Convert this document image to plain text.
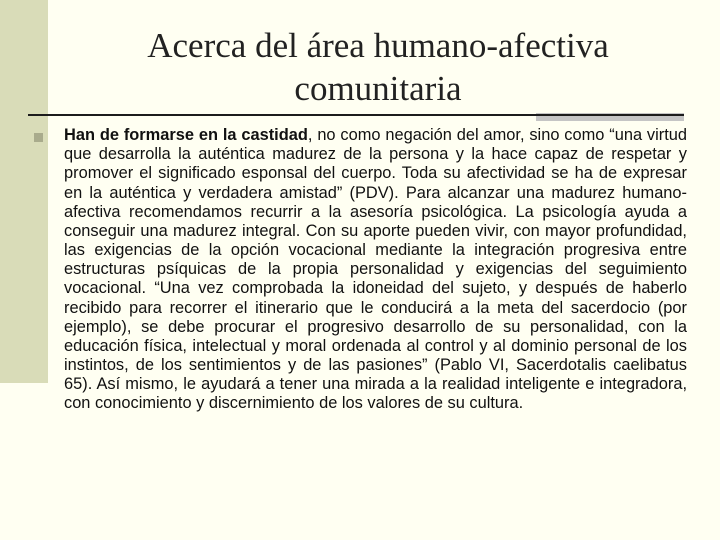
Acerca del área humano-afectiva
comunitaria

Han de formarse en la castidad, no como negación del amor, sino como “una virtud que desarrolla la auténtica madurez de la persona y la hace capaz de respetar y promover el significado esponsal del cuerpo. Toda su afectividad se ha de expresar en la auténtica y verdadera amistad” (PDV). Para alcanzar una madurez humano-afectiva recomendamos recurrir a la asesoría psicológica. La psicología ayuda a conseguir una madurez integral. Con su aporte pueden vivir, con mayor profundidad, las exigencias de la opción vocacional mediante la integración progresiva entre estructuras psíquicas de la propia personalidad y exigencias del seguimiento vocacional. “Una vez comprobada la idoneidad del sujeto, y después de haberlo recibido para recorrer el itinerario que le conducirá a la meta del sacerdocio (por ejemplo), se debe procurar el progresivo desarrollo de su personalidad, con la educación física, intelectual y moral ordenada al control y al dominio personal de los instintos, de los sentimientos y de las pasiones” (Pablo VI, Sacerdotalis caelibatus 65). Así mismo, le ayudará a tener una mirada a la realidad inteligente e integradora, con conocimiento y discernimiento de los valores de su cultura.
